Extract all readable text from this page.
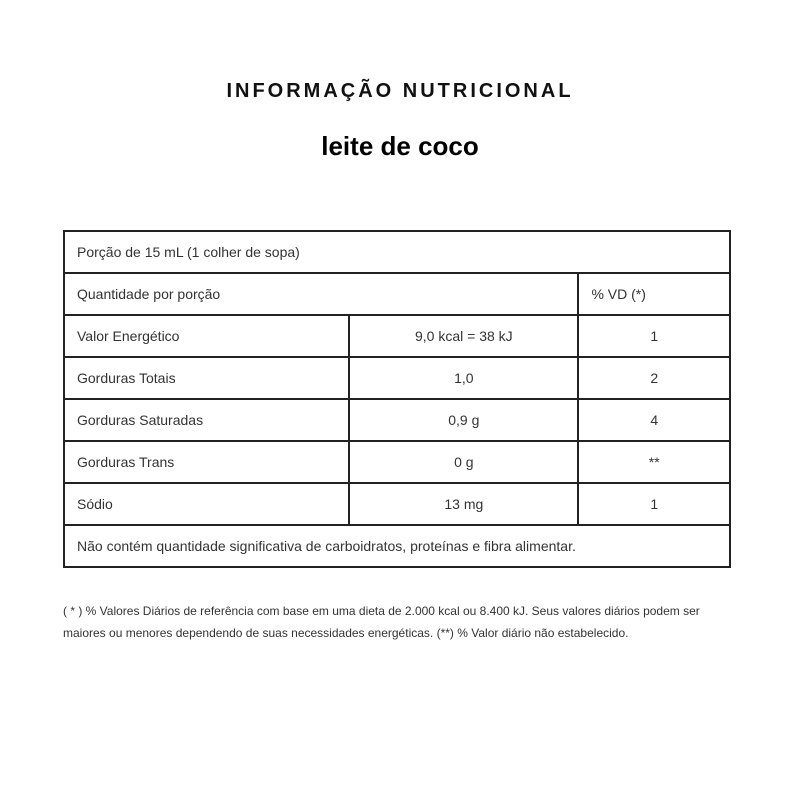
INFORMAÇÃO NUTRICIONAL
leite de coco
Porção de 15 mL (1 colher de sopa)		
Quantidade por porção		% VD (*)
Valor Energético	9,0 kcal = 38 kJ	1
Gorduras Totais	1,0	2
Gorduras Saturadas	0,9 g	4
Gorduras Trans	0 g	**
Sódio	13 mg	1
Não contém quantidade significativa de carboidratos, proteínas e fibra alimentar.		
( * ) % Valores Diários de referência com base em uma dieta de 2.000 kcal ou 8.400 kJ. Seus valores diários podem ser maiores ou menores dependendo de suas necessidades energéticas. (**) % Valor diário não estabelecido.
